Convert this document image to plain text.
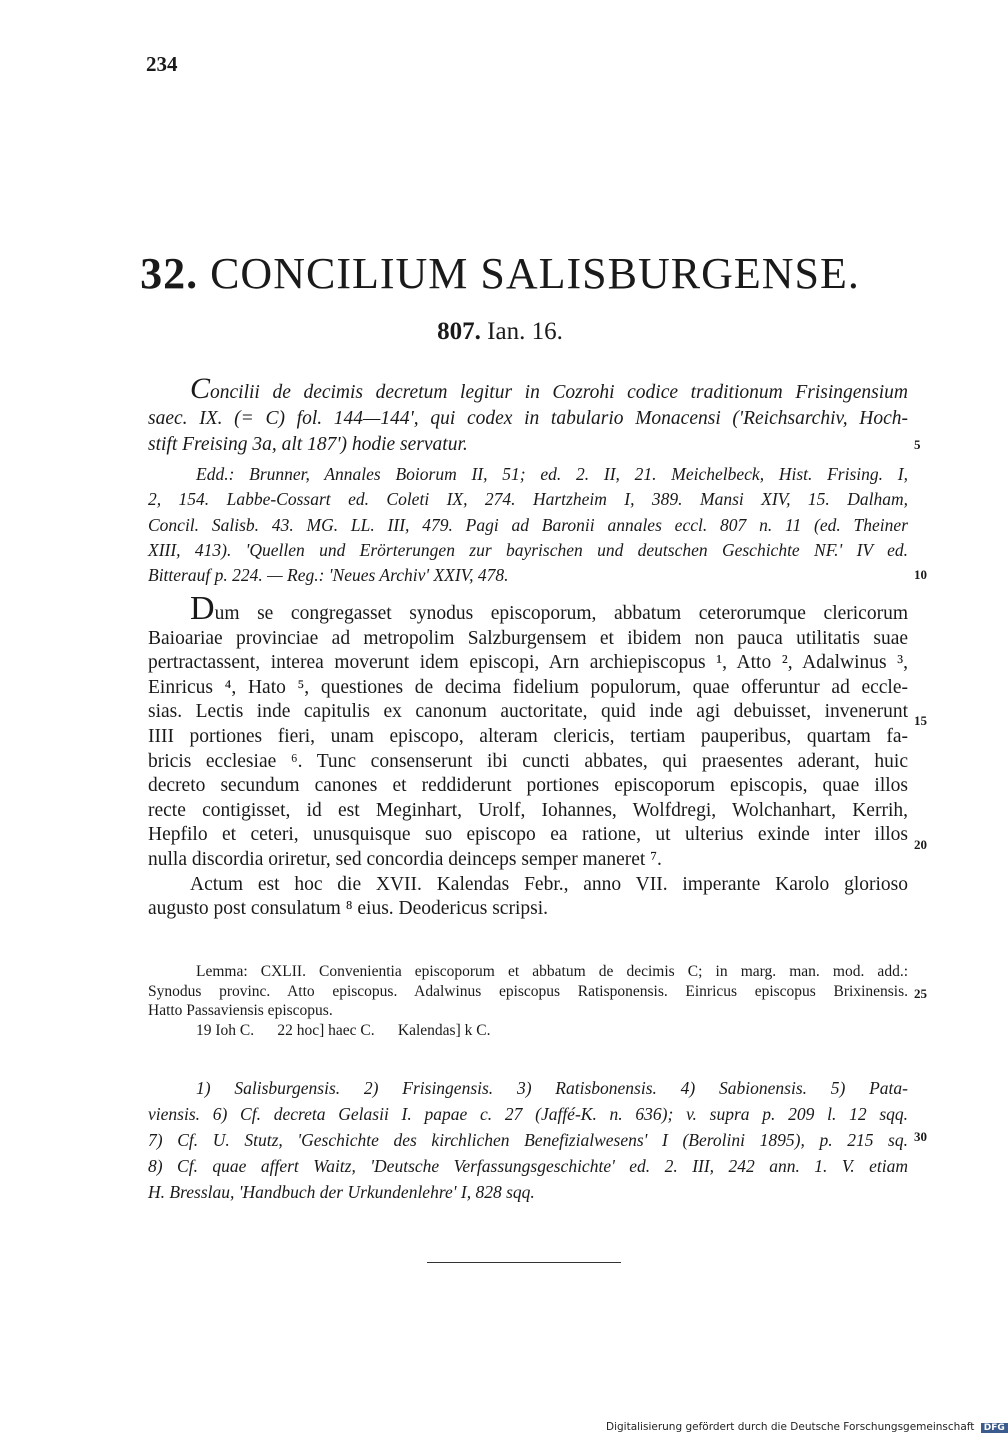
234
32. CONCILIUM SALISBURGENSE.
807. Ian. 16.
Concilii de decimis decretum legitur in Cozrohi codice traditionum Frisingensium
saec. IX. (= C) fol. 144—144', qui codex in tabulario Monacensi ('Reichsarchiv, Hoch-
stift Freising 3a, alt 187') hodie servatur.
Edd.: Brunner, Annales Boiorum II, 51; ed. 2. II, 21. Meichelbeck, Hist. Frising. I,
2, 154. Labbe-Cossart ed. Coleti IX, 274. Hartzheim I, 389. Mansi XIV, 15. Dalham,
Concil. Salisb. 43. MG. LL. III, 479. Pagi ad Baronii annales eccl. 807 n. 11 (ed. Theiner
XIII, 413). 'Quellen und Erörterungen zur bayrischen und deutschen Geschichte NF.' IV ed.
Bitterauf p. 224. — Reg.: 'Neues Archiv' XXIV, 478.
Dum se congregasset synodus episcoporum, abbatum ceterorumque clericorum
Baioariae provinciae ad metropolim Salzburgensem et ibidem non pauca utilitatis suae
pertractassent, interea moverunt idem episcopi, Arn archiepiscopus ¹, Atto ², Adalwinus ³,
Einricus ⁴, Hato ⁵, questiones de decima fidelium populorum, quae offeruntur ad eccle-
sias. Lectis inde capitulis ex canonum auctoritate, quid inde agi debuisset, invenerunt
IIII portiones fieri, unam episcopo, alteram clericis, tertiam pauperibus, quartam fa-
bricis ecclesiae ⁶. Tunc consenserunt ibi cuncti abbates, qui praesentes aderant, huic
decreto secundum canones et reddiderunt portiones episcoporum episcopis, quae illos
recte contigisset, id est Meginhart, Urolf, Iohannes, Wolfdregi, Wolchanhart, Kerrih,
Hepfilo et ceteri, unusquisque suo episcopo ea ratione, ut ulterius exinde inter illos
nulla discordia oriretur, sed concordia deinceps semper maneret ⁷.
Actum est hoc die XVII. Kalendas Febr., anno VII. imperante Karolo glorioso
augusto post consulatum ⁸ eius. Deodericus scripsi.
Lemma: CXLII. Convenientia episcoporum et abbatum de decimis C; in marg. man. mod. add.:
Synodus provinc. Atto episcopus. Adalwinus episcopus Ratisponensis. Einricus episcopus Brixinensis.
Hatto Passaviensis episcopus.
19 Ioh C.      22 hoc] haec C.      Kalendas] k C.
1) Salisburgensis. 2) Frisingensis. 3) Ratisbonensis. 4) Sabionensis. 5) Pata-
viensis. 6) Cf. decreta Gelasii I. papae c. 27 (Jaffé-K. n. 636); v. supra p. 209 l. 12 sqq.
7) Cf. U. Stutz, 'Geschichte des kirchlichen Benefizialwesens' I (Berolini 1895), p. 215 sq.
8) Cf. quae affert Waitz, 'Deutsche Verfassungsgeschichte' ed. 2. III, 242 ann. 1. V. etiam
H. Bresslau, 'Handbuch der Urkundenlehre' I, 828 sqq.
5
10
15
20
25
30
Digitalisierung gefördert durch die Deutsche Forschungsgemeinschaft DFG
